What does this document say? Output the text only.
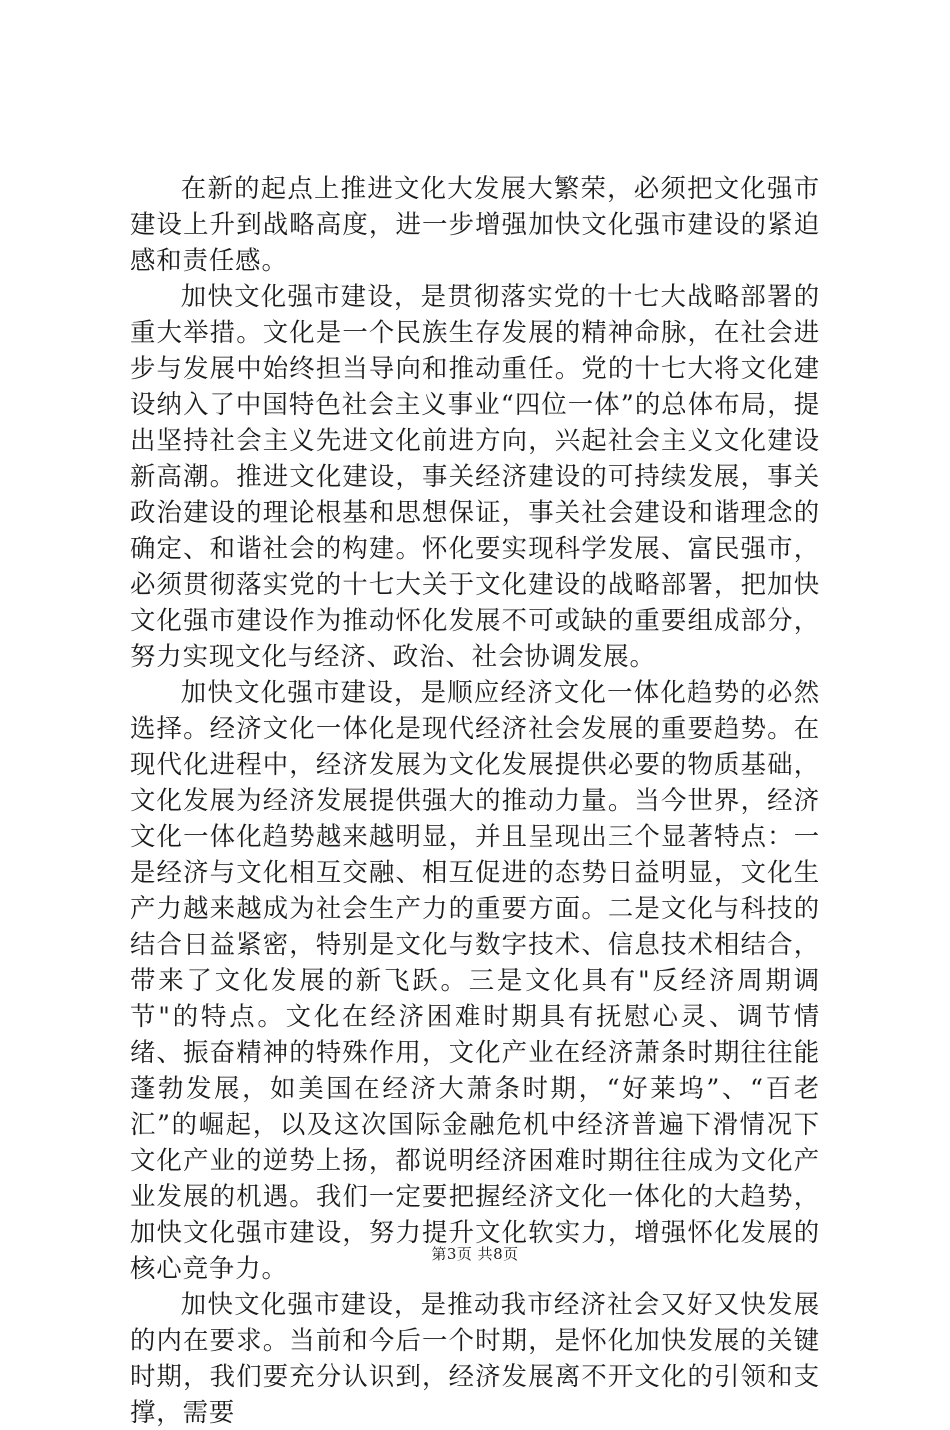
在新的起点上推进文化大发展大繁荣，必须把文化强市建设上升到战略高度，进一步增强加快文化强市建设的紧迫感和责任感。

加快文化强市建设，是贯彻落实党的十七大战略部署的重大举措。文化是一个民族生存发展的精神命脉，在社会进步与发展中始终担当导向和推动重任。党的十七大将文化建设纳入了中国特色社会主义事业“四位一体”的总体布局，提出坚持社会主义先进文化前进方向，兴起社会主义文化建设新高潮。推进文化建设，事关经济建设的可持续发展，事关政治建设的理论根基和思想保证，事关社会建设和谐理念的确定、和谐社会的构建。怀化要实现科学发展、富民强市，必须贯彻落实党的十七大关于文化建设的战略部署，把加快文化强市建设作为推动怀化发展不可或缺的重要组成部分，努力实现文化与经济、政治、社会协调发展。

加快文化强市建设，是顺应经济文化一体化趋势的必然选择。经济文化一体化是现代经济社会发展的重要趋势。在现代化进程中，经济发展为文化发展提供必要的物质基础，文化发展为经济发展提供强大的推动力量。当今世界，经济文化一体化趋势越来越明显，并且呈现出三个显著特点：一是经济与文化相互交融、相互促进的态势日益明显，文化生产力越来越成为社会生产力的重要方面。二是文化与科技的结合日益紧密，特别是文化与数字技术、信息技术相结合，带来了文化发展的新飞跃。三是文化具有"反经济周期调节"的特点。文化在经济困难时期具有抚慰心灵、调节情绪、振奋精神的特殊作用，文化产业在经济萧条时期往往能蓬勃发展，如美国在经济大萧条时期，“好莱坞”、“百老汇”的崛起，以及这次国际金融危机中经济普遍下滑情况下文化产业的逆势上扬，都说明经济困难时期往往成为文化产业发展的机遇。我们一定要把握经济文化一体化的大趋势，加快文化强市建设，努力提升文化软实力，增强怀化发展的核心竞争力。

加快文化强市建设，是推动我市经济社会又好又快发展的内在要求。当前和今后一个时期，是怀化加快发展的关键时期，我们要充分认识到，经济发展离不开文化的引领和支撑，需要

第3页 共8页
